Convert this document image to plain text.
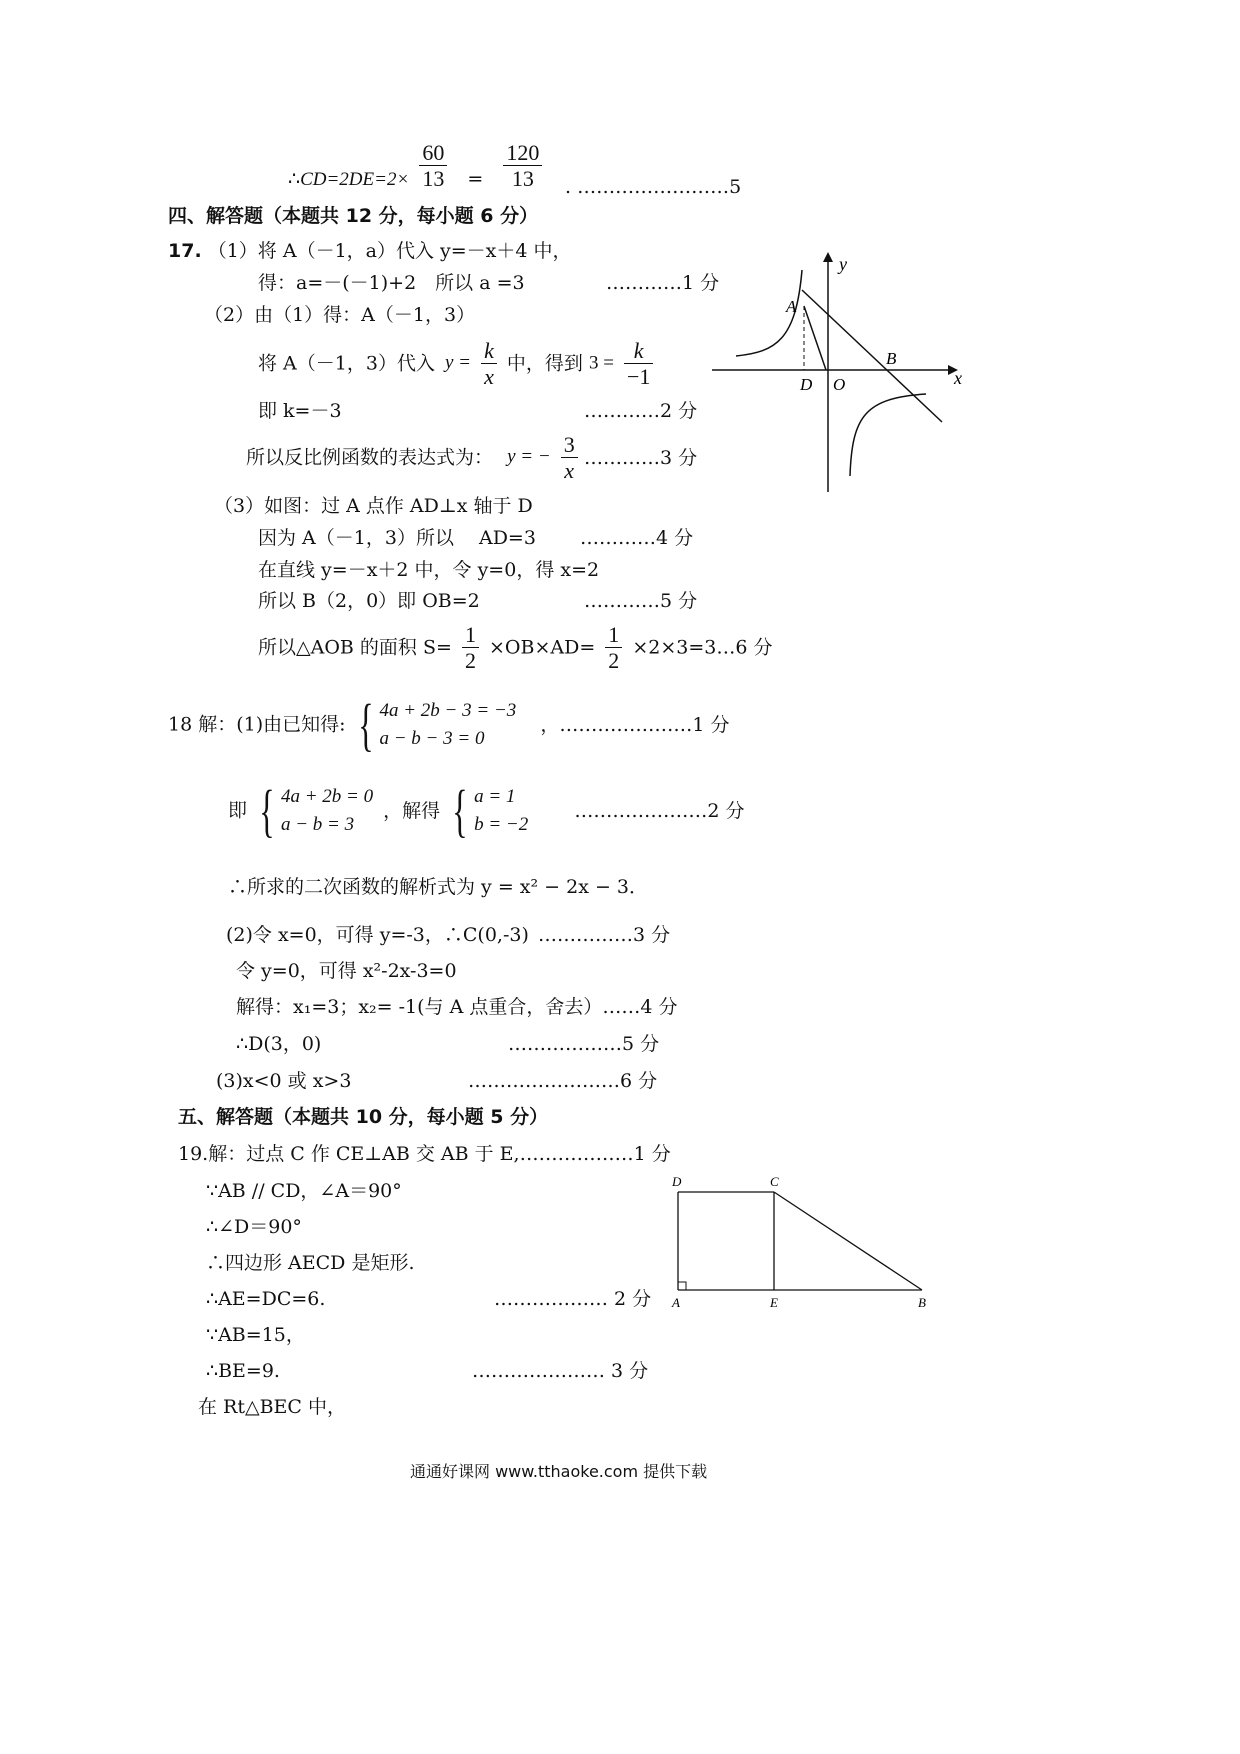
∴CD=2DE=2× $\frac{60}{13} = \frac{120}{13}$ . ……………………5
四、解答题（本题共 12 分，每小题 6 分）
17. （1）将 A（－1，a）代入 y=－x＋4 中，
得：a=－(－1)+2　所以 a =3	…………1 分
（2）由（1）得：A（－1，3）
将 A（－1，3）代入 $y = \frac{k}{x}$ 中，得到 $3 = \frac{k}{-1}$
即 k=－3	…………2 分
所以反比例函数的表达式为： y = − $\frac{3}{x}$ …………3 分
（3）如图：过 A 点作 AD⊥x 轴于 D
因为 A（－1，3）所以　 AD=3 …………4 分
在直线 y=－x＋2 中，令 y=0，得 x=2
所以 B（2，0）即 OB=2	…………5 分
所以△AOB 的面积 $S= \frac{1}{2} \times OB\times AD= \frac{1}{2}$ ×2×3=3…6 分
y
x
A
B
D O
18 解：(1)由已知得: { 4a + 2b − 3 = −3
a − b − 3 = 0
，…………………1 分
即 { 4a + 2b = 0
a − b = 3
，解得 { a = 1
b = −2
…………………2 分
∴所求的二次函数的解析式为 y = x² − 2x − 3．
(2)令 x=0，可得 y=-3，∴C(0,-3) ……………3 分
令 y=0，可得 x²-2x-3=0
解得：x₁=3；x₂= -1(与 A 点重合，舍去）……4 分
∴D(3，0)	………………5 分
(3)x<0 或 x>3	……………………6 分
五、解答题（本题共 10 分，每小题 5 分）
19.解：过点 C 作 CE⊥AB 交 AB 于 E,………………1 分
∵AB // CD，∠A＝90°
∴∠D＝90°
∴四边形 AECD 是矩形.
∴AE=DC=6.	……………… 2 分
∵AB=15，
∴BE=9.	………………… 3 分
在 Rt△BEC 中，
D	C
A	E	B
通通好课网 www.tthaoke.com 提供下载
